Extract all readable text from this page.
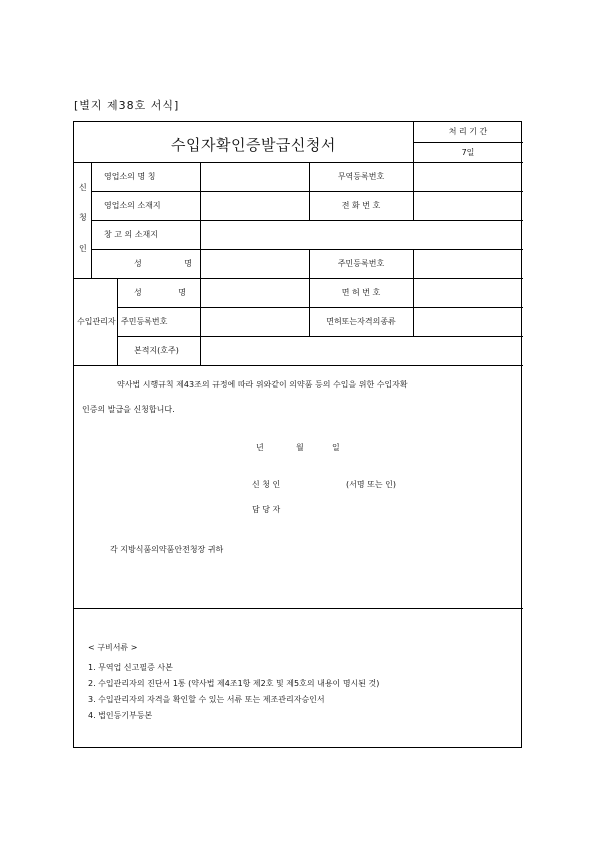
[별지 제38호 서식]
수입자확인증발급신청서
처 리 기 간
7일
신
청
인
영업소의 명 칭	무역등록번호
영업소의 소재지	전 화 번 호
창 고 의 소재지
성 명	주민등록번호
수입관리자
성 명	면 허 번 호
주민등록번호	면허또는자격의종류
본적지(호주)
약사법 시행규칙 제43조의 규정에 따라 위와같이 의약품 등의 수입을 위한 수입자확
인증의 발급을 신청합니다.
년	월	일
신 청 인	(서명 또는 인)
담 당 자
각 지방식품의약품안전청장 귀하
< 구비서류 >
1. 무역업 신고필증 사본
2. 수입관리자의 진단서 1통 (약사법 제4조1항 제2호 및 제5호의 내용이 명시된 것)
3. 수입관리자의 자격을 확인할 수 있는 서류 또는 제조관리자승인서
4. 법인등기부등본
